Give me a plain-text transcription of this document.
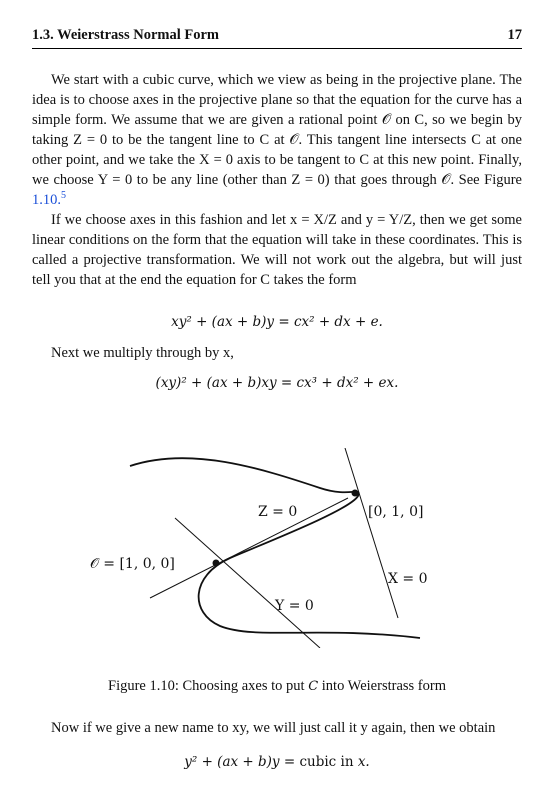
1.3. Weierstrass Normal Form	17
We start with a cubic curve, which we view as being in the projective plane. The idea is to choose axes in the projective plane so that the equation for the curve has a simple form. We assume that we are given a rational point 𝒪 on C, so we begin by taking Z = 0 to be the tangent line to C at 𝒪. This tangent line intersects C at one other point, and we take the X = 0 axis to be tangent to C at this new point. Finally, we choose Y = 0 to be any line (other than Z = 0) that goes through 𝒪. See Figure 1.10.$^5$
If we choose axes in this fashion and let x = X/Z and y = Y/Z, then we get some linear conditions on the form that the equation will take in these coordinates. This is called a projective transformation. We will not work out the algebra, but will just tell you that at the end the equation for C takes the form
xy² + (ax + b)y = cx² + dx + e.
Next we multiply through by x,
(xy)² + (ax + b)xy = cx³ + dx² + ex.
𝒪 = [1, 0, 0]
Z = 0	[0, 1, 0]
X = 0
Y = 0
Figure 1.10: Choosing axes to put C into Weierstrass form
Now if we give a new name to xy, we will just call it y again, then we obtain
y² + (ax + b)y = cubic in x.
